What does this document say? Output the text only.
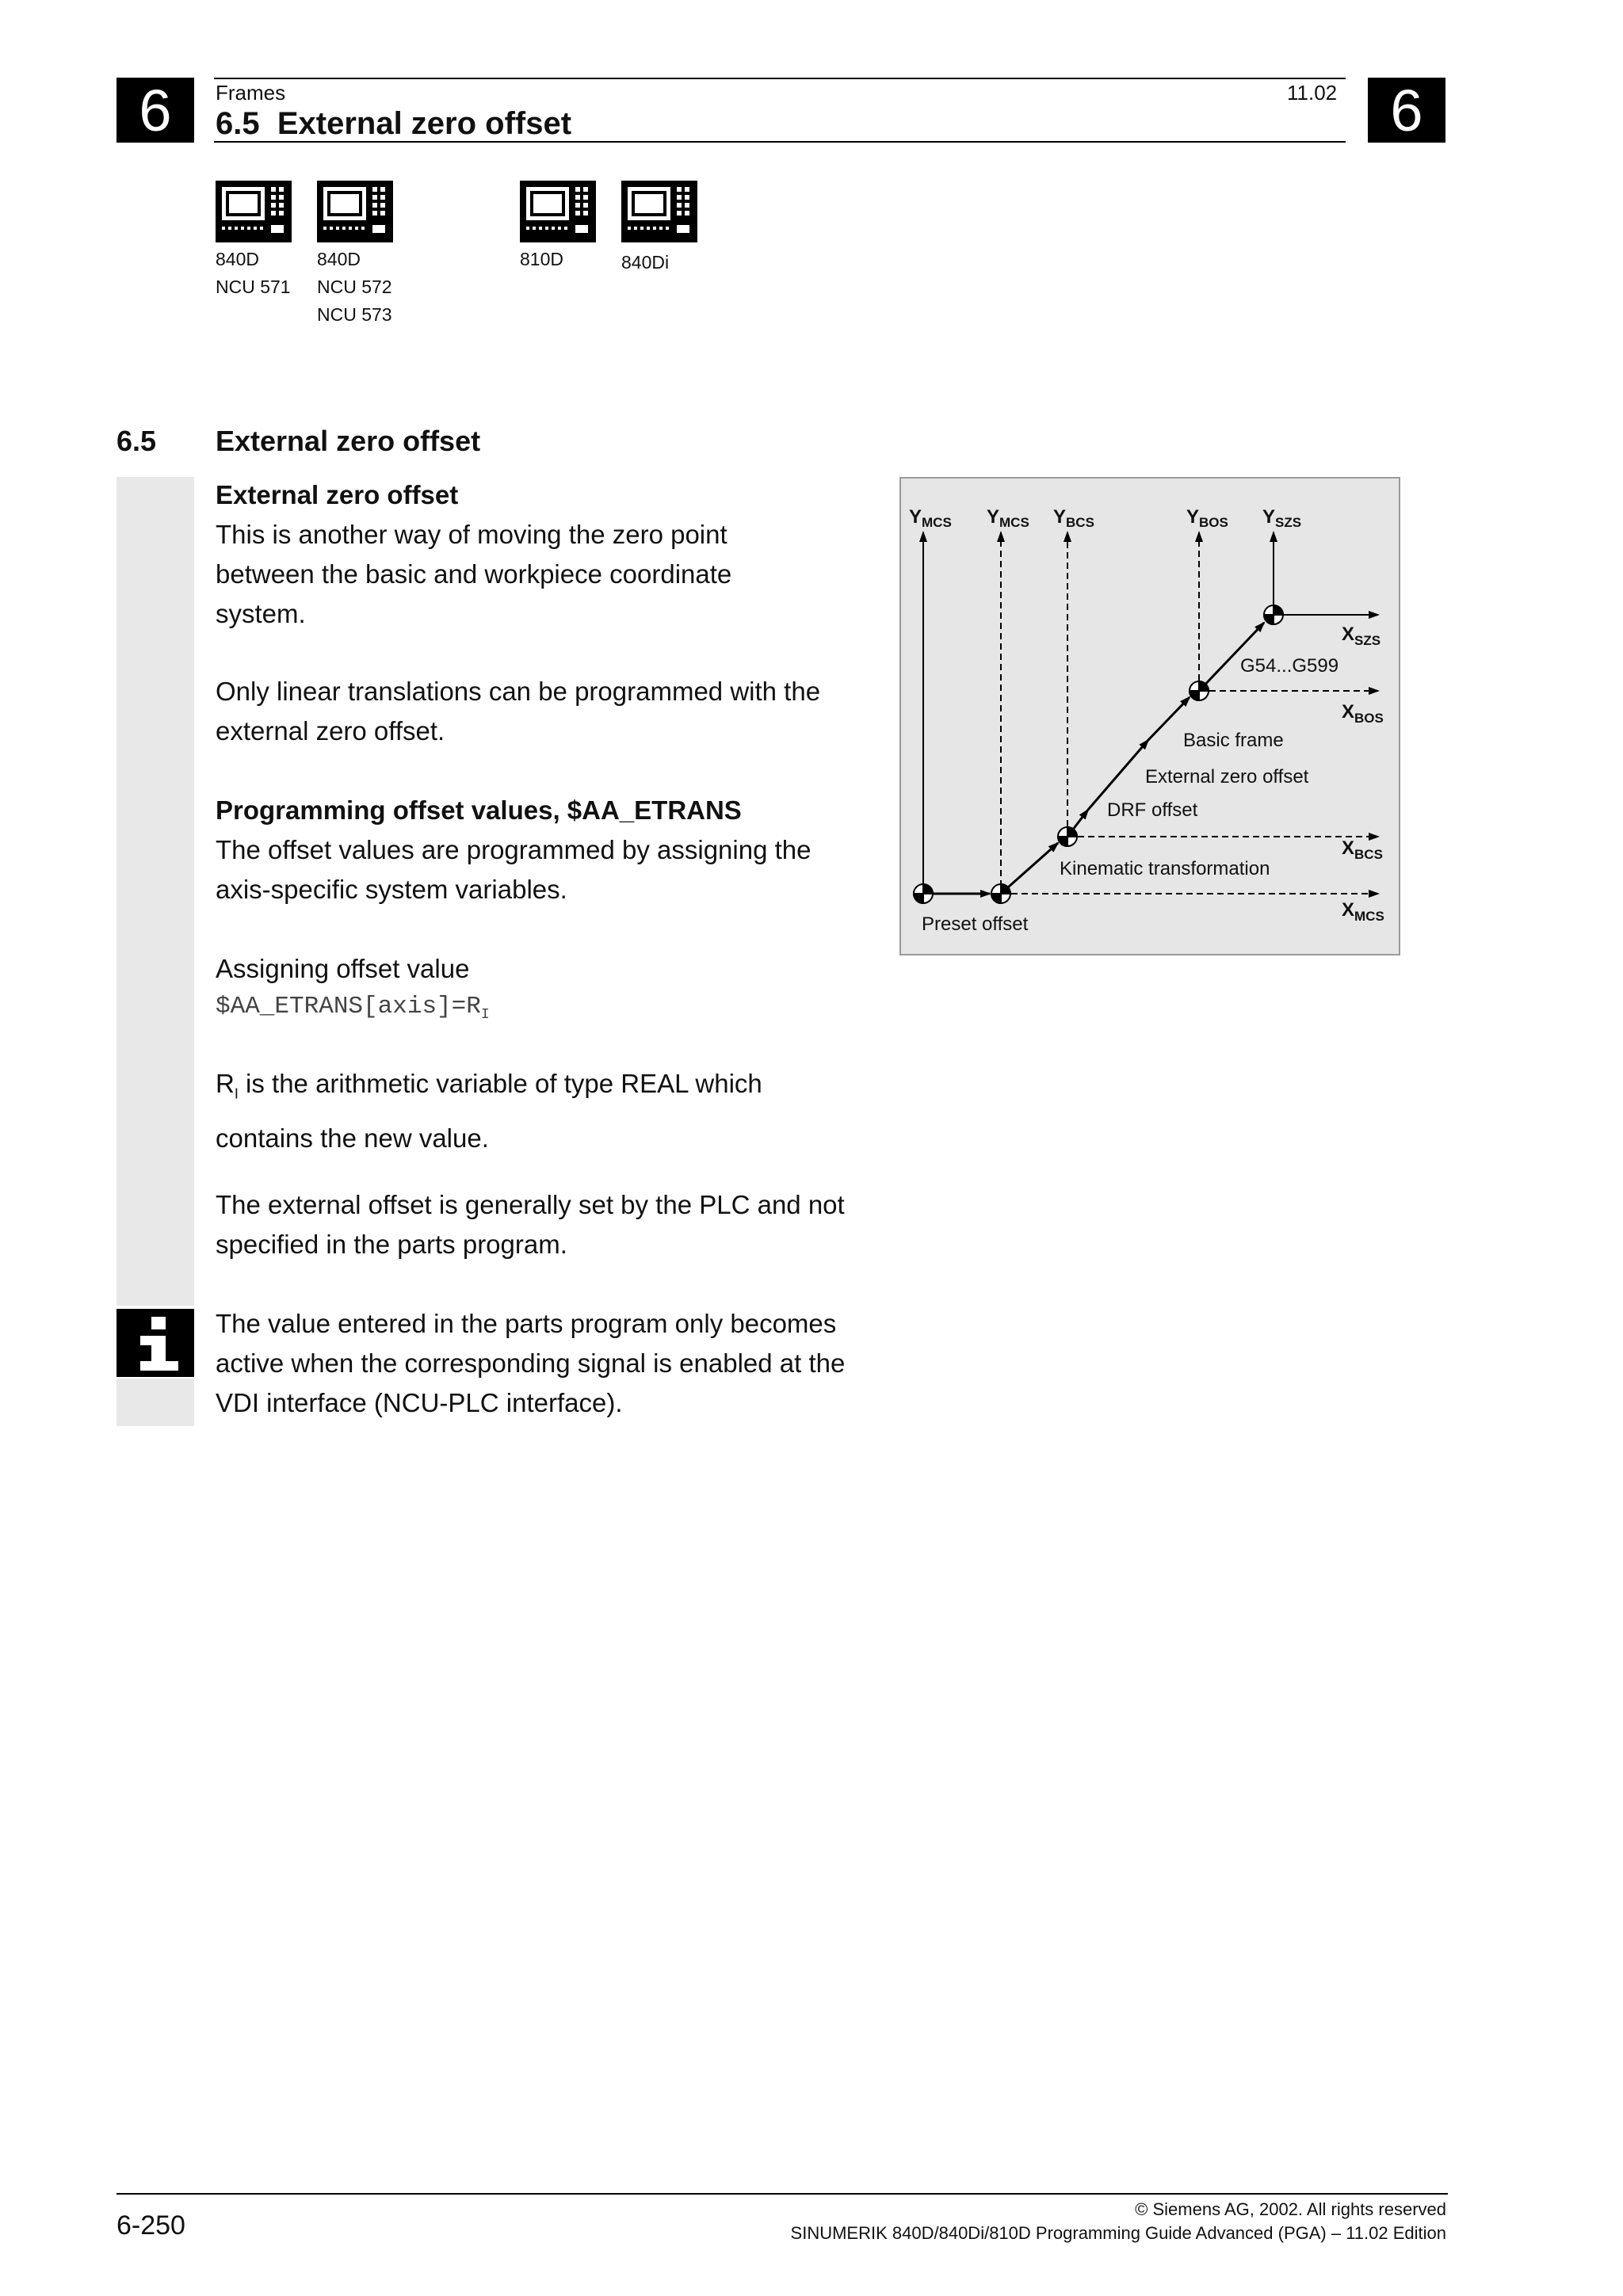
6	6
Frames	11.02
6.5  External zero offset
840D
NCU 571
840D
NCU 572
NCU 573
810D	840Di
6.5 External zero offset
External zero offset
This is another way of moving the zero point between the basic and workpiece coordinate system.
Only linear translations can be programmed with the external zero offset.
Programming offset values, $AA_ETRANS
The offset values are programmed by assigning the axis-specific system variables.
Assigning offset value
$\$AA\_ETRANS[axis]=R_I$
$R_I$ is the arithmetic variable of type REAL which contains the new value.
The external offset is generally set by the PLC and not specified in the parts program.
The value entered in the parts program only becomes active when the corresponding signal is enabled at the VDI interface (NCU-PLC interface).
$Y_{MCS}$ $Y_{MCS}$ $Y_{BCS}$	$Y_{BOS}$ $Y_{SZS}$
$X_{SZS}$
$X_{BOS}$
$X_{BCS}$
$X_{MCS}$
G54...G599
Basic frame
External zero offset
DRF offset
Kinematic transformation
Preset offset
6-250
© Siemens AG, 2002. All rights reserved
SINUMERIK 840D/840Di/810D Programming Guide Advanced (PGA) – 11.02 Edition
